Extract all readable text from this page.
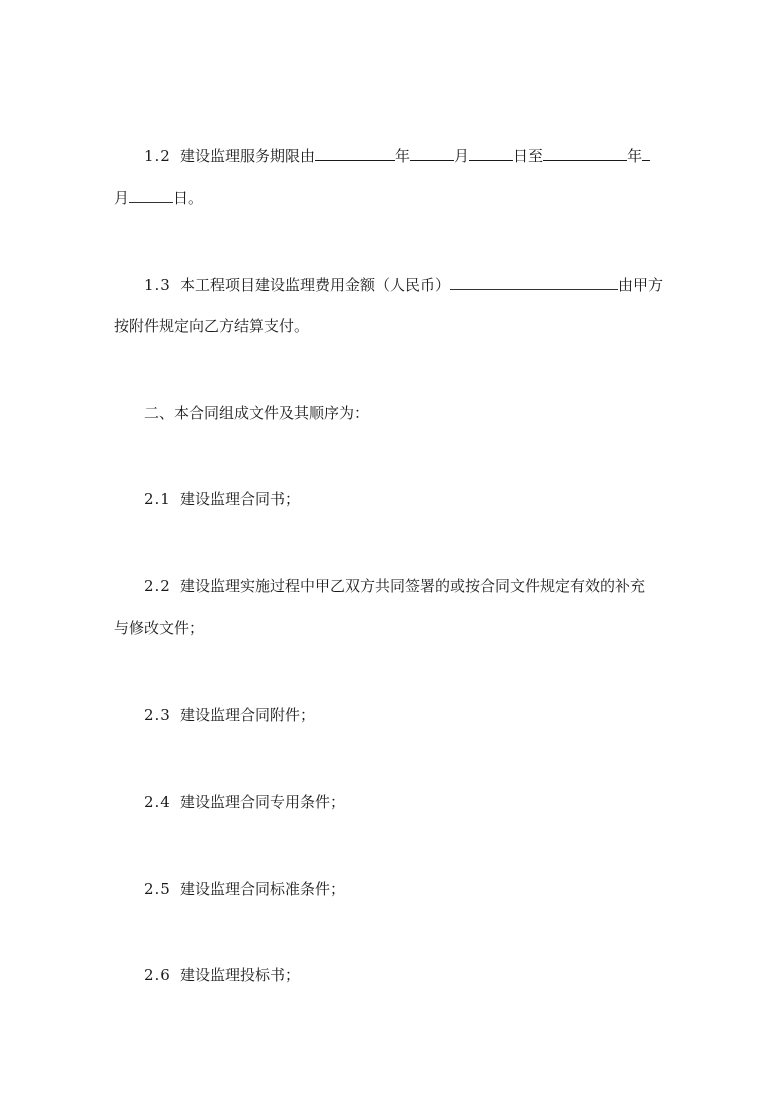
1.2 建设监理服务期限由	年	月	日至	年
月	日。
1.3 本工程项目建设监理费用金额（人民币）	由甲方
按附件规定向乙方结算支付。
二、本合同组成文件及其顺序为：
2.1 建设监理合同书；
2.2 建设监理实施过程中甲乙双方共同签署的或按合同文件规定有效的补充
与修改文件；
2.3 建设监理合同附件；
2.4 建设监理合同专用条件；
2.5 建设监理合同标准条件；
2.6 建设监理投标书；
